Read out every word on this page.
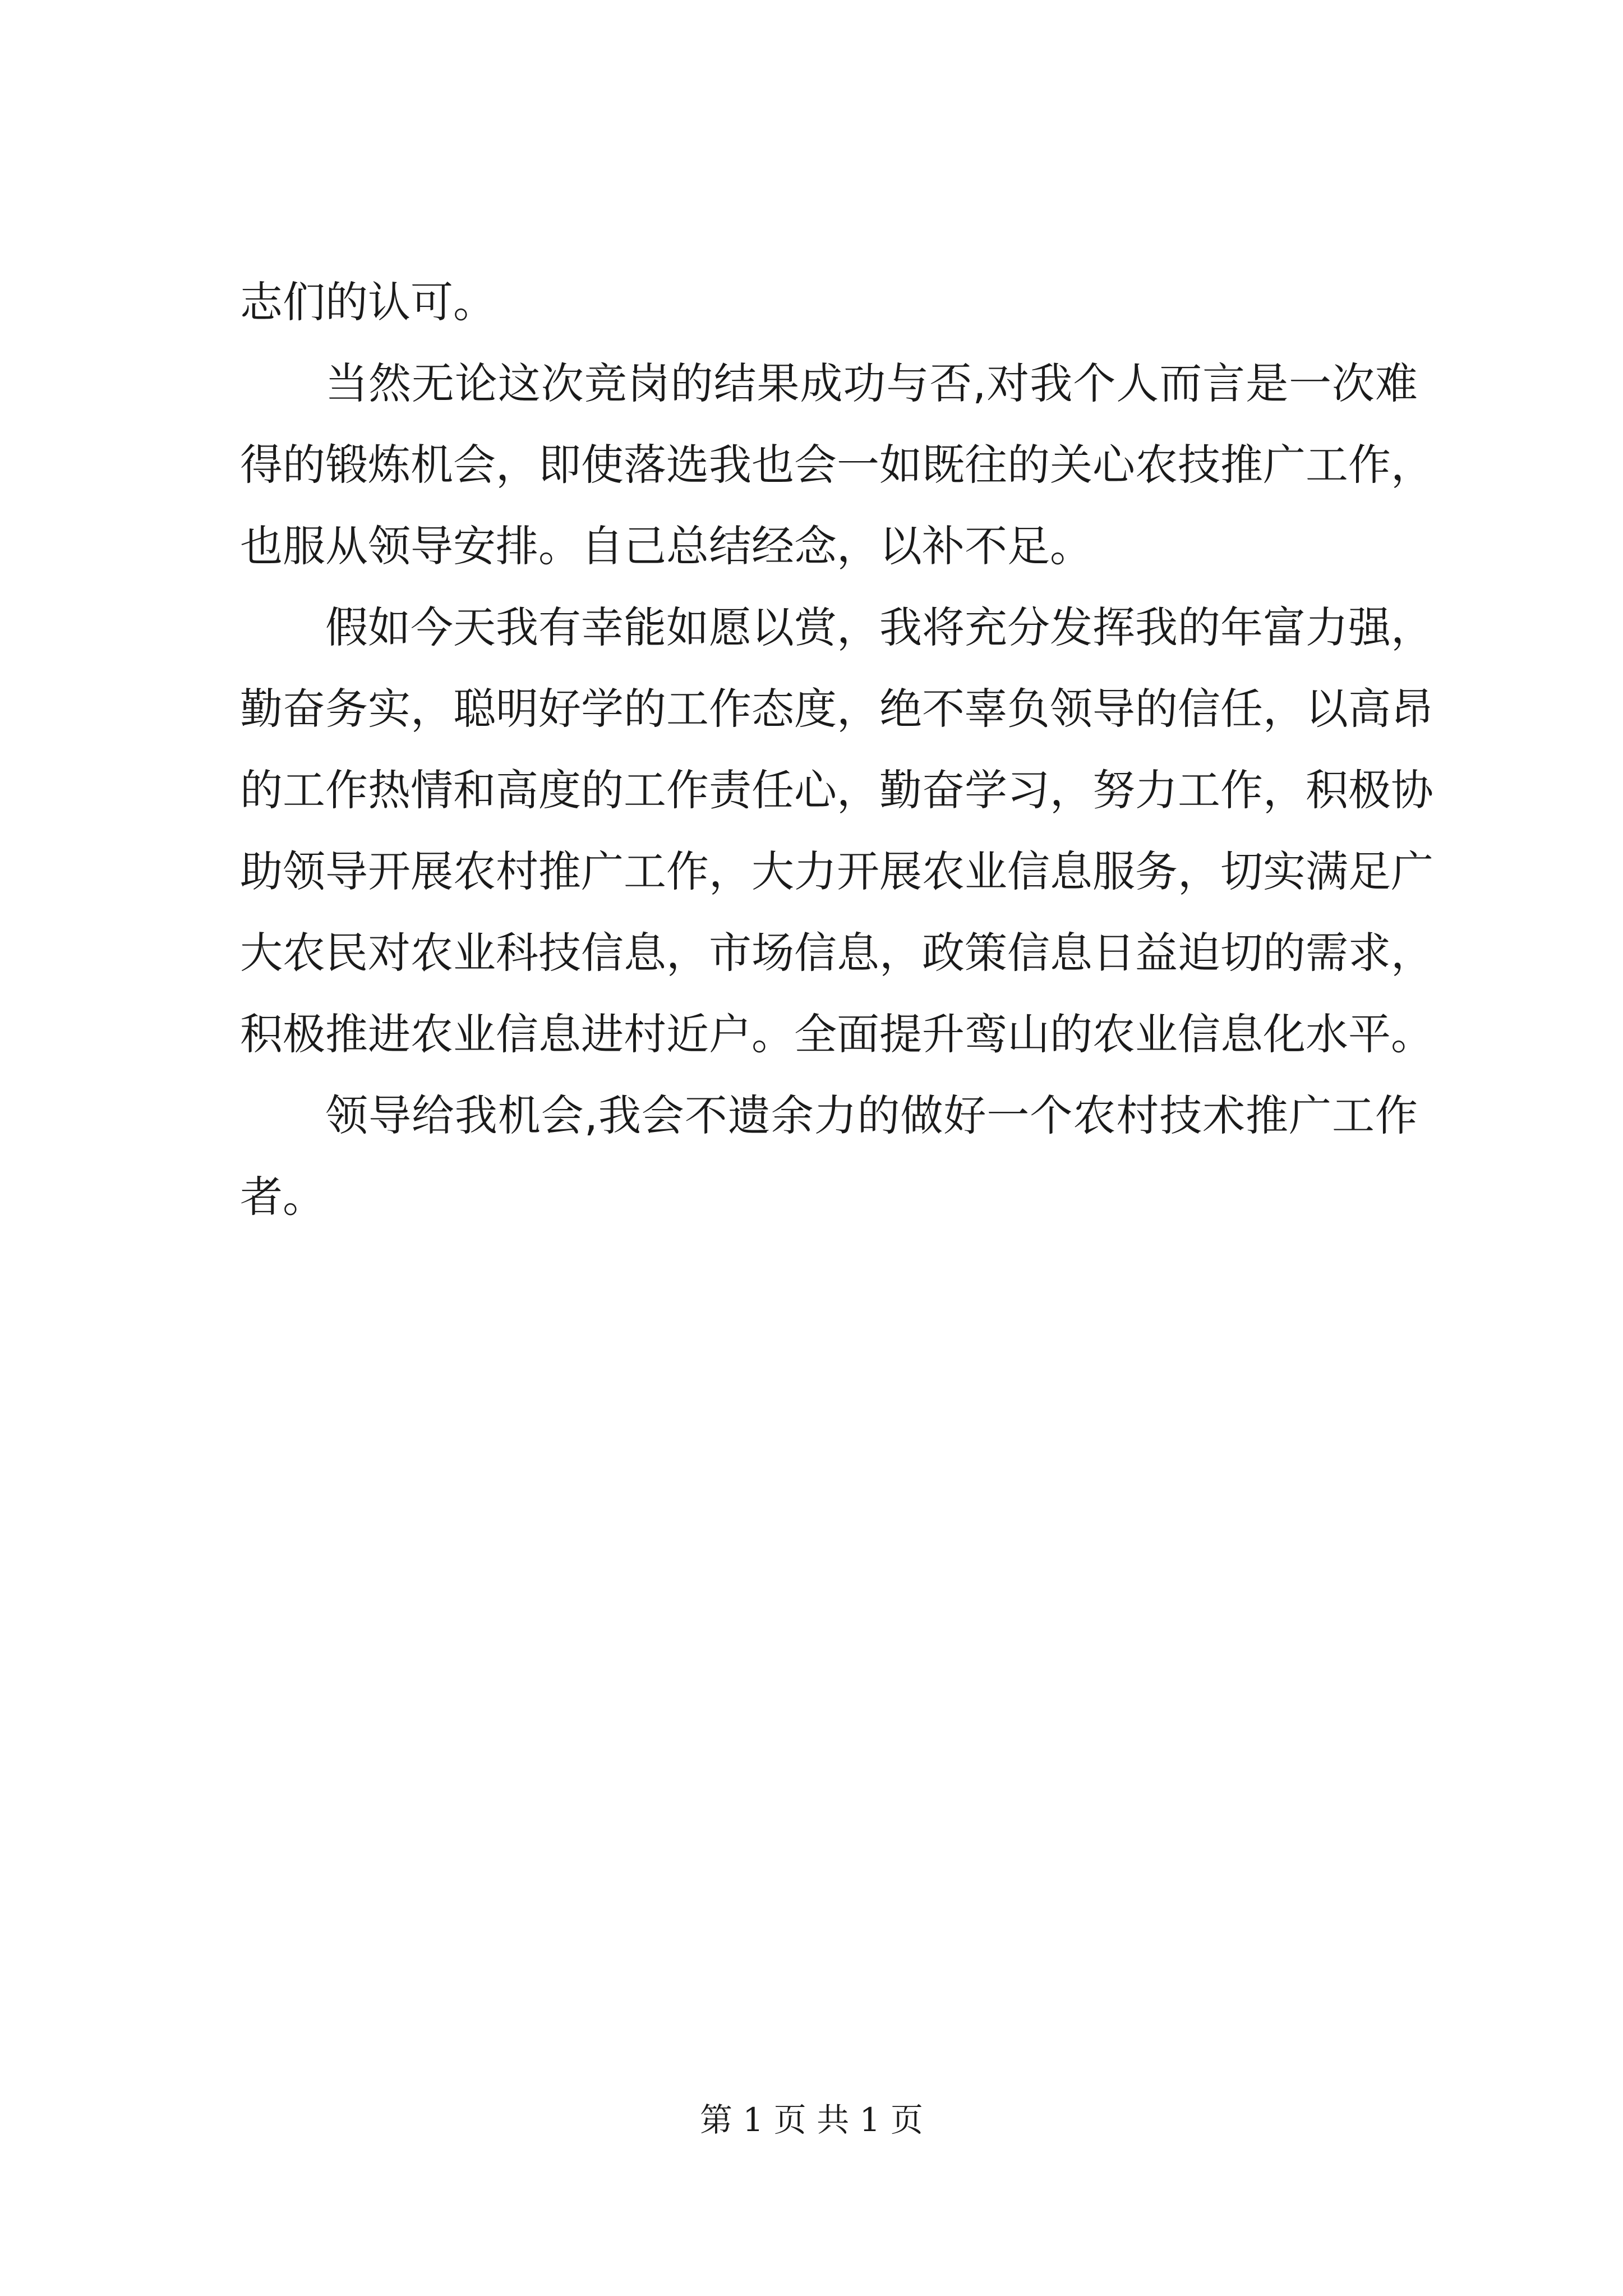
志们的认可。
当然无论这次竞岗的结果成功与否,对我个人而言是一次难
得的锻炼机会，即使落选我也会一如既往的关心农技推广工作，
也服从领导安排。自己总结经念，以补不足。
假如今天我有幸能如愿以赏，我将充分发挥我的年富力强，
勤奋务实，聪明好学的工作态度，绝不辜负领导的信任，以高昂
的工作热情和高度的工作责任心，勤奋学习，努力工作，积极协
助领导开展农村推广工作，大力开展农业信息服务，切实满足广
大农民对农业科技信息，市场信息，政策信息日益迫切的需求，
积极推进农业信息进村近户。全面提升鸾山的农业信息化水平。
领导给我机会,我会不遗余力的做好一个农村技术推广工作
者。
第 1 页 共 1 页
